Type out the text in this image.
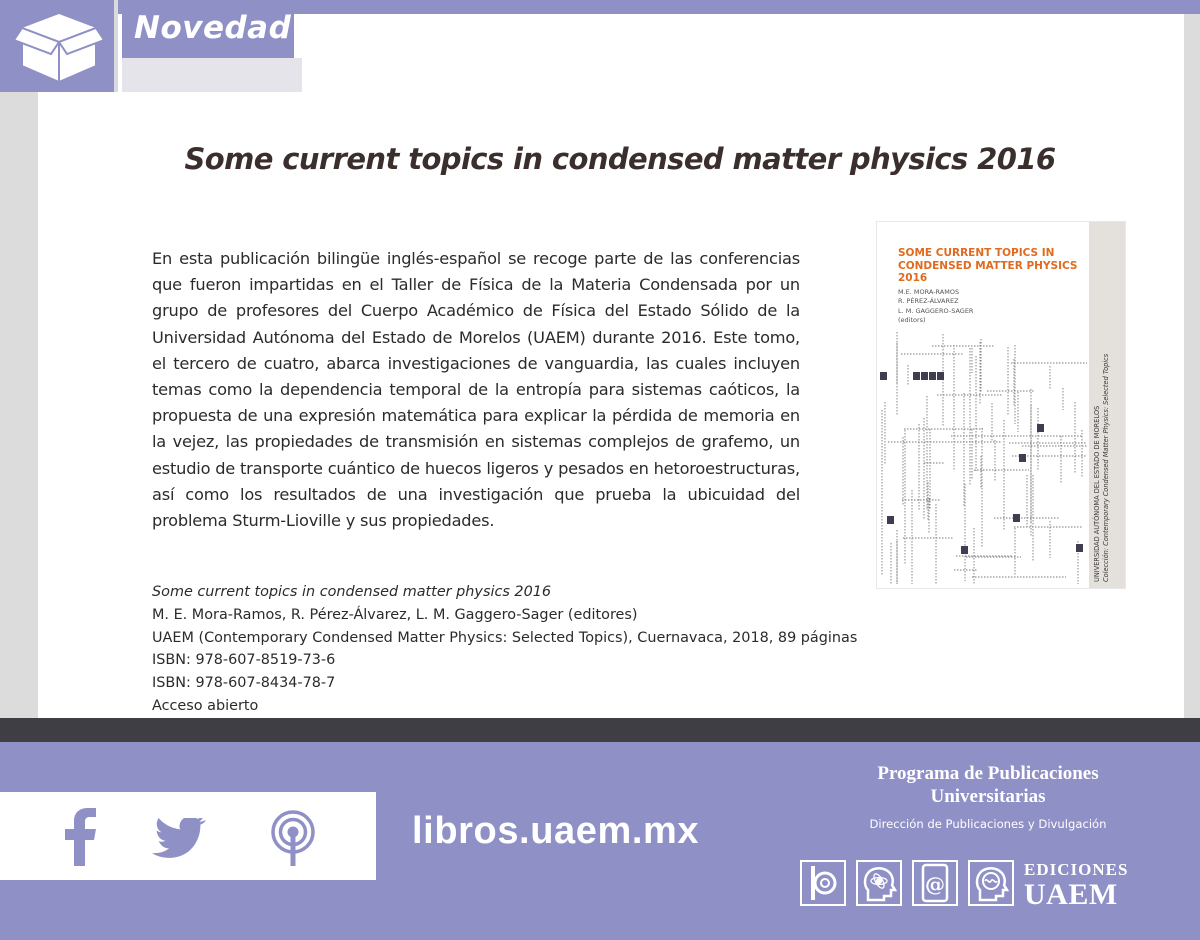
Novedad
Some current topics in condensed matter physics 2016

En esta publicación bilingüe inglés-español se recoge parte de las conferencias que fueron impartidas en el Taller de Física de la Materia Condensada por un grupo de profesores del Cuerpo Académico de Física del Estado Sólido de la Universidad Autónoma del Estado de Morelos (UAEM) durante 2016. Este tomo, el tercero de cuatro, abarca investigaciones de vanguardia, las cuales incluyen temas como la dependencia temporal de la entropía para sistemas caóticos, la propuesta de una expresión matemática para explicar la pérdida de memoria en la vejez, las propiedades de transmisión en sistemas complejos de grafemo, un estudio de transporte cuántico de huecos ligeros y pesados en hetoroestructuras, así como los resultados de una investigación que prueba la ubicuidad del problema Sturm-Lioville y sus propiedades.	UNIVERSIDAD AUTÓNOMA DEL ESTADO DE MORELOS Colección: Contemporary Condensed Matter Physics: Selected Topics
SOME CURRENT TOPICS IN
CONDENSED MATTER PHYSICS
2016
M.E. MORA-RAMOS
R. PÉREZ-ÁLVAREZ
L. M. GAGGERO-SAGER
(editors)
Some current topics in condensed matter physics 2016
M. E. Mora-Ramos, R. Pérez-Álvarez, L. M. Gaggero-Sager (editores)
UAEM (Contemporary Condensed Matter Physics: Selected Topics), Cuernavaca, 2018, 89 páginas
ISBN: 978-607-8519-73-6
ISBN: 978-607-8434-78-7
Acceso abierto
libros.uaem.mx
Programa de Publicaciones
Universitarias
Dirección de Publicaciones y Divulgación
@
EDICIONES
UAEM
